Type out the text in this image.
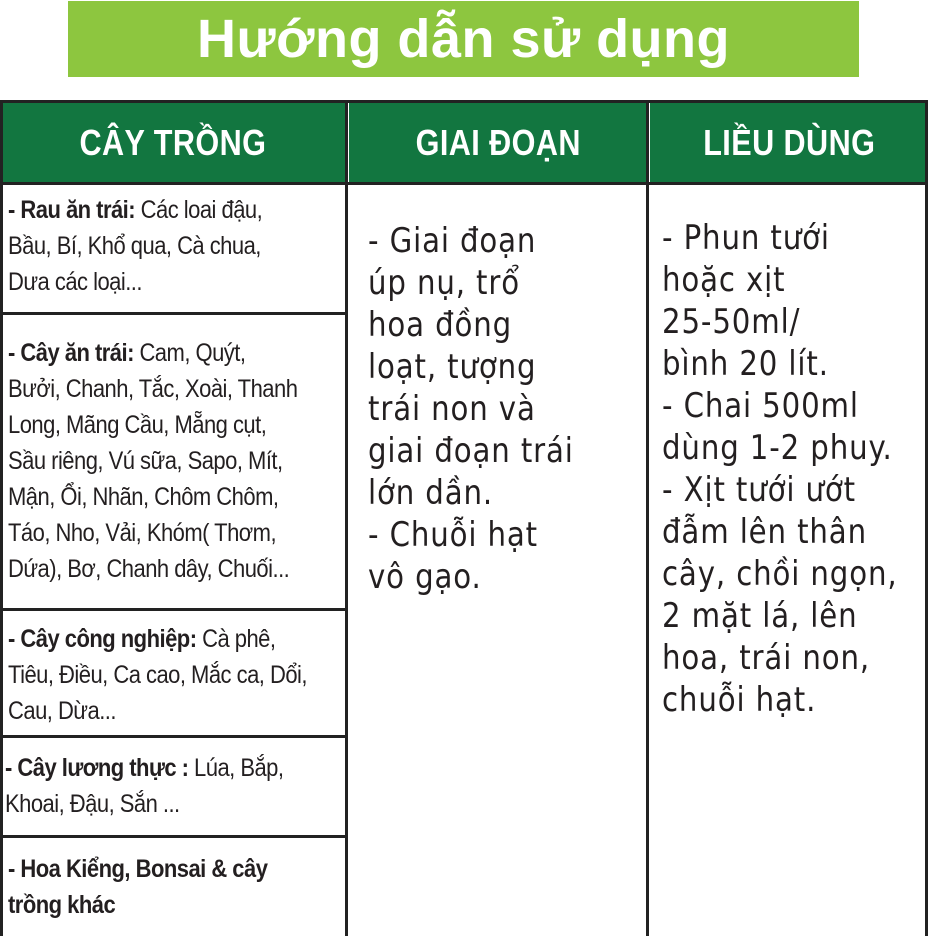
Hướng dẫn sử dụng
CÂY TRỒNG	GIAI ĐOẠN	LIỀU DÙNG
- Rau ăn trái: Các loai đậu,
Bầu, Bí, Khổ qua, Cà chua,
Dưa các loại...
- Cây ăn trái: Cam, Quýt,
Bưởi, Chanh, Tắc, Xoài, Thanh
Long, Mãng Cầu, Mẵng cụt,
Sầu riêng, Vú sữa, Sapo, Mít,
Mận, Ổi, Nhãn, Chôm Chôm,
Táo, Nho, Vải, Khóm( Thơm,
Dứa), Bơ, Chanh dây, Chuối...
- Cây công nghiệp: Cà phê,
Tiêu, Điều, Ca cao, Mắc ca, Dổi,
Cau, Dừa...
- Cây lương thực : Lúa, Bắp,
Khoai, Đậu, Sắn ...
- Hoa Kiểng, Bonsai & cây
trồng khác
- Giai đoạn
úp nụ, trổ
hoa đồng
loạt, tượng
trái non và
giai đoạn trái
lớn dần.
- Chuỗi hạt
vô gạo.
- Phun tưới
hoặc xịt
25-50ml/
bình 20 lít.
- Chai 500ml
dùng 1-2 phuy.
- Xịt tưới ướt
đẫm lên thân
cây, chồi ngọn,
2 mặt lá, lên
hoa, trái non,
chuỗi hạt.
